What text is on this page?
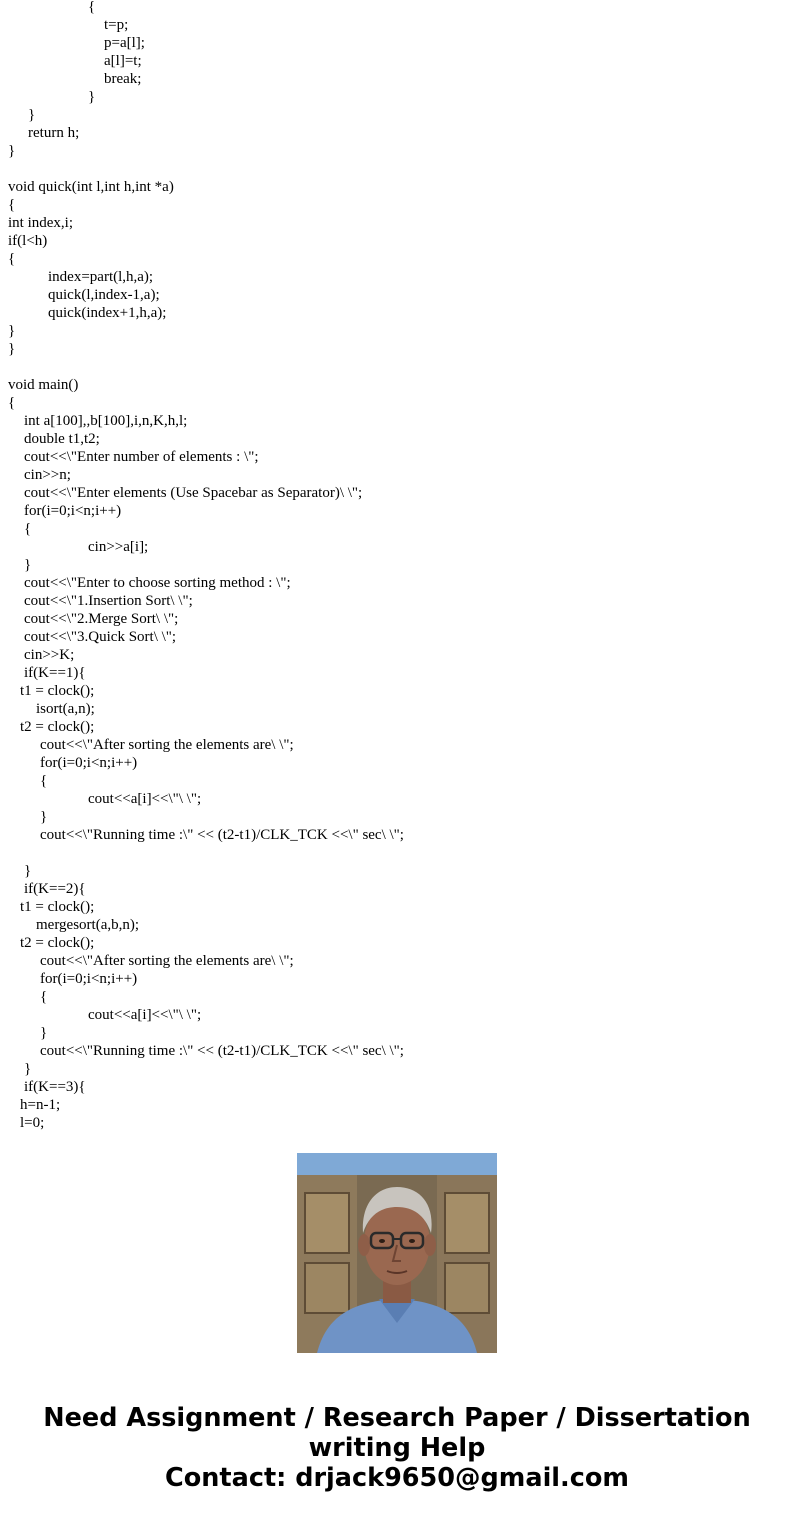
{
t=p;
p=a[l];
a[l]=t;
break;
}
}
return h;
}
void quick(int l,int h,int *a)
{
int index,i;
if(l<h)
{
index=part(l,h,a);
quick(l,index-1,a);
quick(index+1,h,a);
}
}
void main()
{
int a[100],,b[100],i,n,K,h,l;
double t1,t2;
cout<<\"Enter number of elements : \";
cin>>n;
cout<<\"Enter elements (Use Spacebar as Separator)\ \";
for(i=0;i<n;i++)
{
cin>>a[i];
}
cout<<\"Enter to choose sorting method : \";
cout<<\"1.Insertion Sort\ \";
cout<<\"2.Merge Sort\ \";
cout<<\"3.Quick Sort\ \";
cin>>K;
if(K==1){
t1 = clock();
isort(a,n);
t2 = clock();
cout<<\"After sorting the elements are\ \";
for(i=0;i<n;i++)
{
cout<<a[i]<<\"\ \";
}
cout<<\"Running time :\" << (t2-t1)/CLK_TCK <<\" sec\ \";
}
if(K==2){
t1 = clock();
mergesort(a,b,n);
t2 = clock();
cout<<\"After sorting the elements are\ \";
for(i=0;i<n;i++)
{
cout<<a[i]<<\"\ \";
}
cout<<\"Running time :\" << (t2-t1)/CLK_TCK <<\" sec\ \";
}
if(K==3){
h=n-1;
l=0;
Need Assignment / Research Paper / Dissertation
writing Help
Contact: drjack9650@gmail.com
